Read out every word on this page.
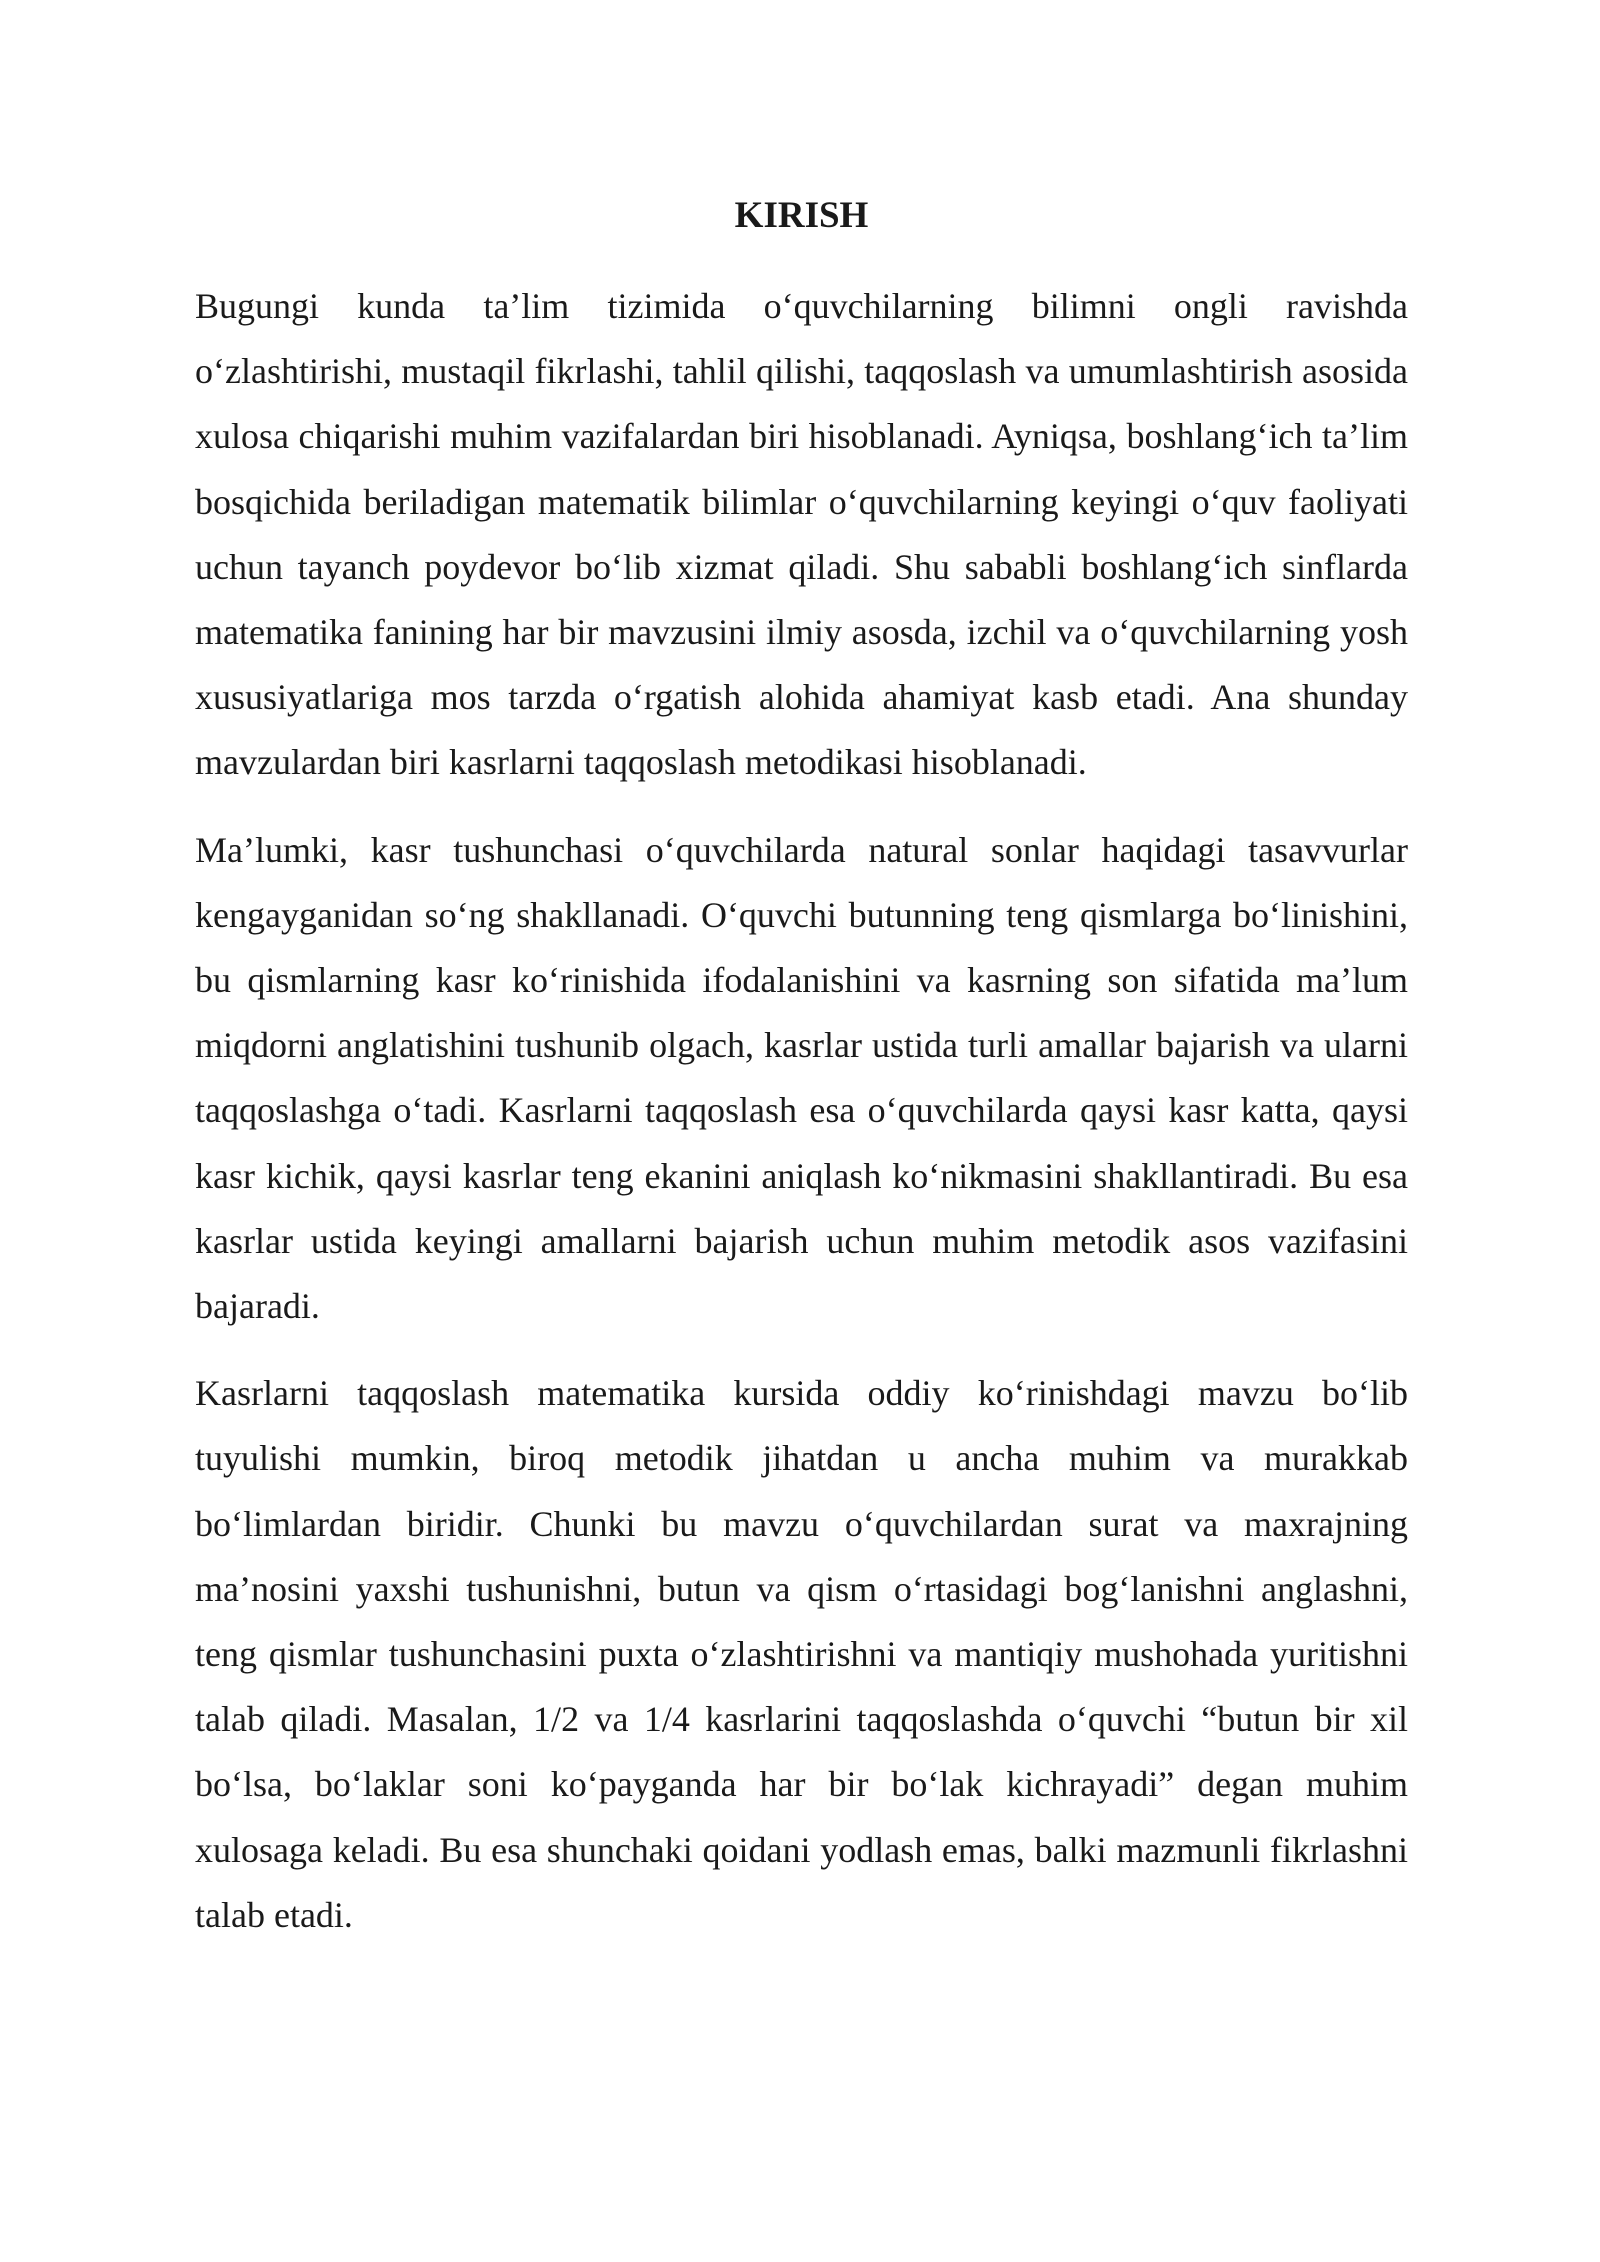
KIRISH

Bugungi kunda ta’lim tizimida o‘quvchilarning bilimni ongli ravishda o‘zlashtirishi, mustaqil fikrlashi, tahlil qilishi, taqqoslash va umumlashtirish asosida xulosa chiqarishi muhim vazifalardan biri hisoblanadi. Ayniqsa, boshlang‘ich ta’lim bosqichida beriladigan matematik bilimlar o‘quvchilarning keyingi o‘quv faoliyati uchun tayanch poydevor bo‘lib xizmat qiladi. Shu sababli boshlang‘ich sinflarda matematika fanining har bir mavzusini ilmiy asosda, izchil va o‘quvchilarning yosh xususiyatlariga mos tarzda o‘rgatish alohida ahamiyat kasb etadi. Ana shunday mavzulardan biri kasrlarni taqqoslash metodikasi hisoblanadi.

Ma’lumki, kasr tushunchasi o‘quvchilarda natural sonlar haqidagi tasavvurlar kengayganidan so‘ng shakllanadi. O‘quvchi butunning teng qismlarga bo‘linishini, bu qismlarning kasr ko‘rinishida ifodalanishini va kasrning son sifatida ma’lum miqdorni anglatishini tushunib olgach, kasrlar ustida turli amallar bajarish va ularni taqqoslashga o‘tadi. Kasrlarni taqqoslash esa o‘quvchilarda qaysi kasr katta, qaysi kasr kichik, qaysi kasrlar teng ekanini aniqlash ko‘nikmasini shakllantiradi. Bu esa kasrlar ustida keyingi amallarni bajarish uchun muhim metodik asos vazifasini bajaradi.

Kasrlarni taqqoslash matematika kursida oddiy ko‘rinishdagi mavzu bo‘lib tuyulishi mumkin, biroq metodik jihatdan u ancha muhim va murakkab bo‘limlardan biridir. Chunki bu mavzu o‘quvchilardan surat va maxrajning ma’nosini yaxshi tushunishni, butun va qism o‘rtasidagi bog‘lanishni anglashni, teng qismlar tushunchasini puxta o‘zlashtirishni va mantiqiy mushohada yuritishni talab qiladi. Masalan, 1/2 va 1/4 kasrlarini taqqoslashda o‘quvchi “butun bir xil bo‘lsa, bo‘laklar soni ko‘payganda har bir bo‘lak kichrayadi” degan muhim xulosaga keladi. Bu esa shunchaki qoidani yodlash emas, balki mazmunli fikrlashni talab etadi.
